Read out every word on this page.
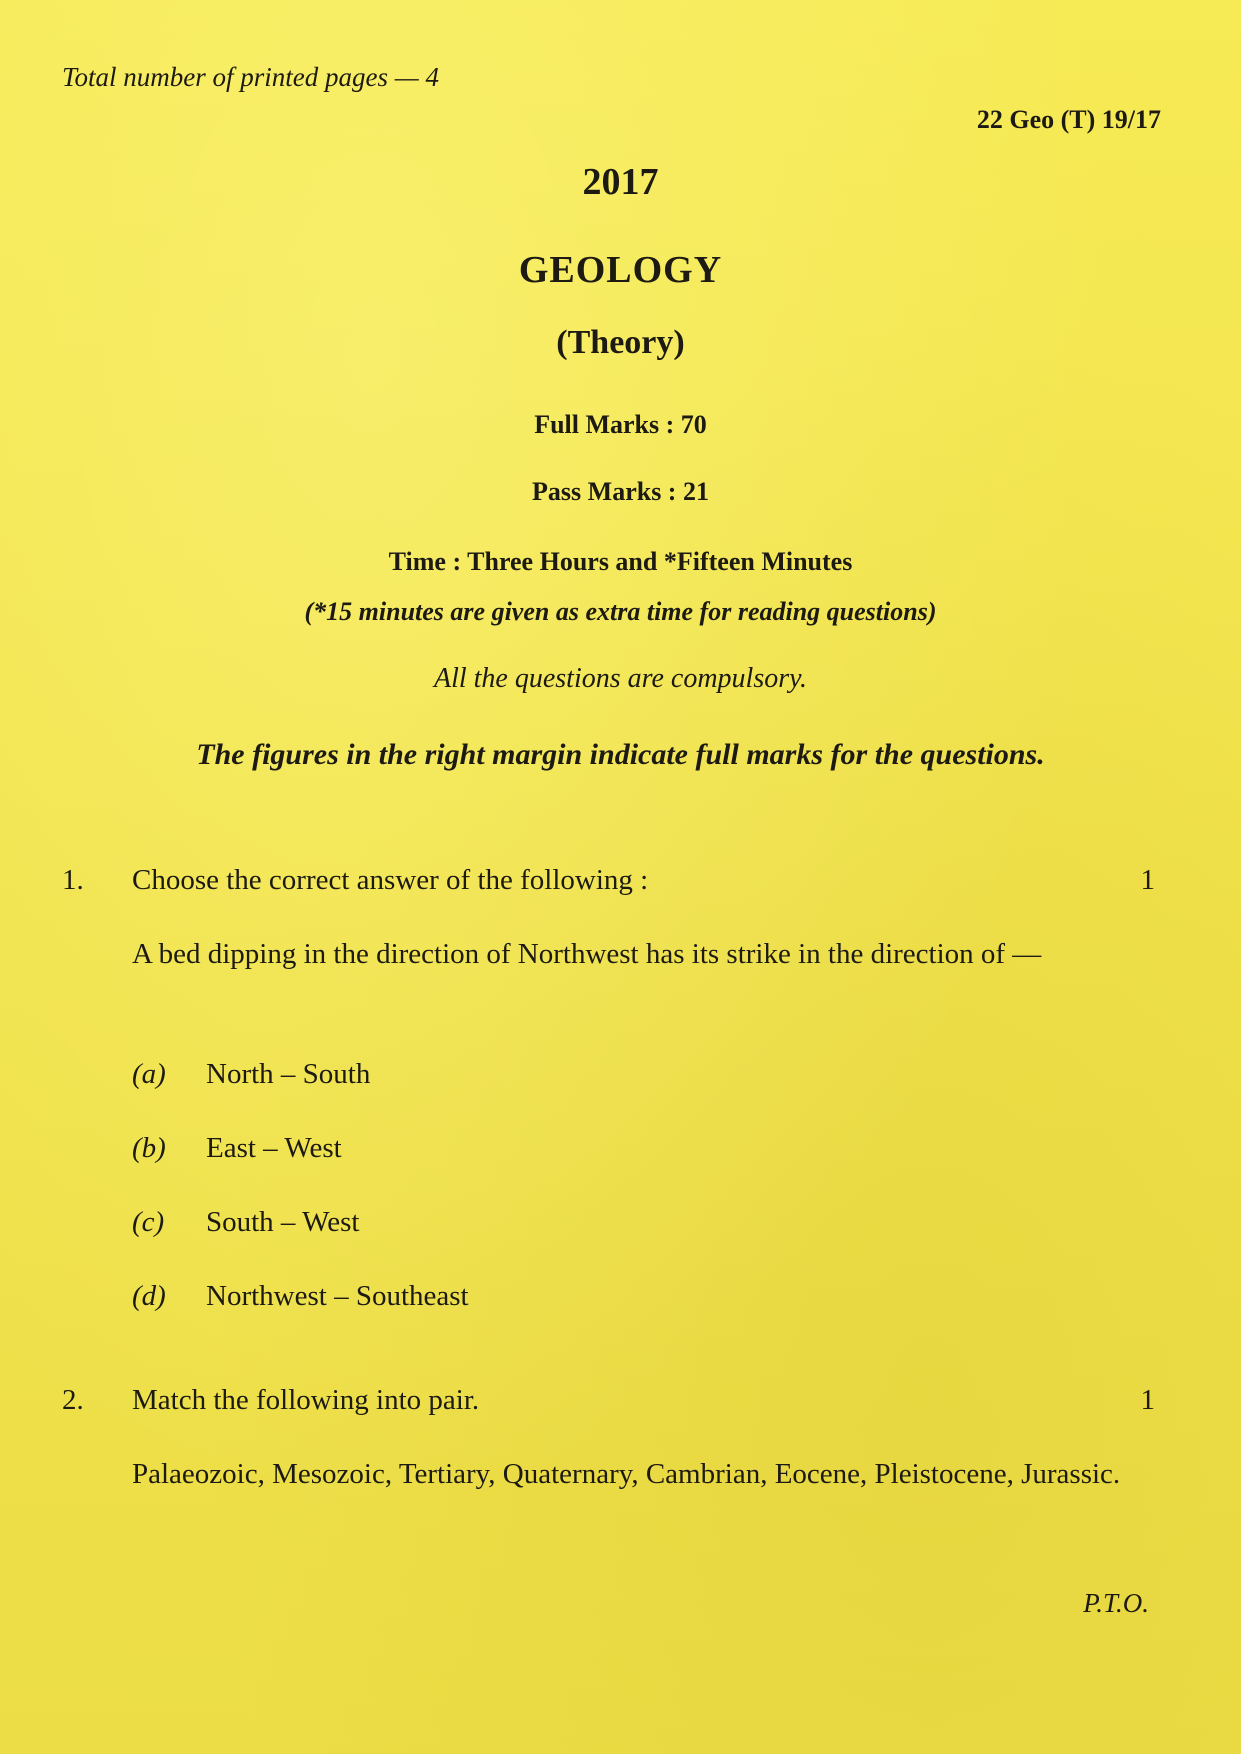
Total number of printed pages — 4

22 Geo (T) 19/17

2017

GEOLOGY

(Theory)

Full Marks : 70

Pass Marks : 21

Time : Three Hours and *Fifteen Minutes

(*15 minutes are given as extra time for reading questions)

All the questions are compulsory.

The figures in the right margin indicate full marks for the questions.

1. Choose the correct answer of the following :	1

A bed dipping in the direction of Northwest has its strike in the direction of —

(a) North – South

(b) East – West

(c) South – West

(d) Northwest – Southeast

2. Match the following into pair.	1

Palaeozoic, Mesozoic, Tertiary, Quaternary, Cambrian, Eocene, Pleistocene, Jurassic.

P.T.O.
